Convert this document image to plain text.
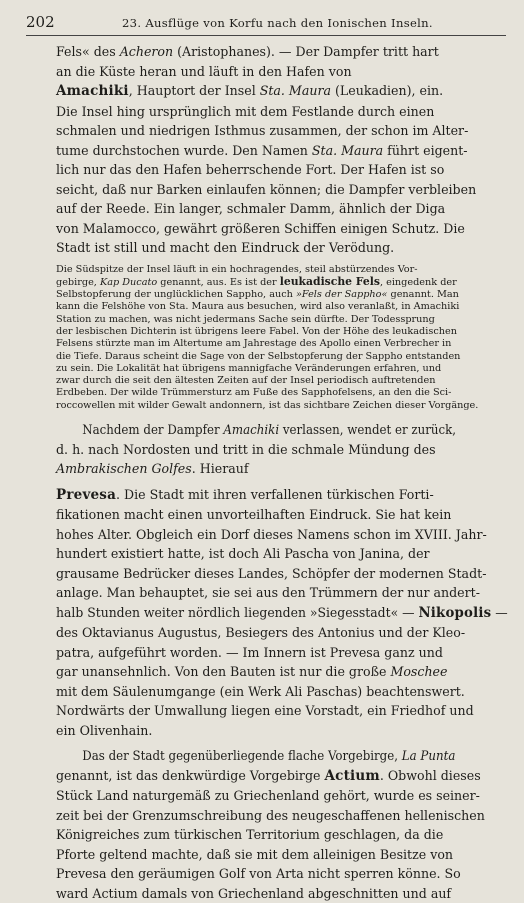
202	23. Ausflüge von Korfu nach den Ionischen Inseln.
Fels« des Acheron (Aristophanes). — Der Dampfer tritt hart
an die Küste heran und läuft in den Hafen von
Amachiki, Hauptort der Insel Sta. Maura (Leukadien), ein.
Die Insel hing ursprünglich mit dem Festlande durch einen
schmalen und niedrigen Isthmus zusammen, der schon im Alter-
tume durchstochen wurde. Den Namen Sta. Maura führt eigent-
lich nur das den Hafen beherrschende Fort. Der Hafen ist so
seicht, daß nur Barken einlaufen können; die Dampfer verbleiben
auf der Reede. Ein langer, schmaler Damm, ähnlich der Diga
von Malamocco, gewährt größeren Schiffen einigen Schutz. Die
Stadt ist still und macht den Eindruck der Verödung.
Die Südspitze der Insel läuft in ein hochragendes, steil abstürzendes Vor-
gebirge, Kap Ducato genannt, aus. Es ist der leukadische Fels, eingedenk der
Selbstopferung der unglücklichen Sappho, auch »Fels der Sappho« genannt. Man
kann die Felshöhe von Sta. Maura aus besuchen, wird also veranlaßt, in Amachiki
Station zu machen, was nicht jedermans Sache sein dürfte. Der Todessprung
der lesbischen Dichterin ist übrigens leere Fabel. Von der Höhe des leukadischen
Felsens stürzte man im Altertume am Jahrestage des Apollo einen Verbrecher in
die Tiefe. Daraus scheint die Sage von der Selbstopferung der Sappho entstanden
zu sein. Die Lokalität hat übrigens mannigfache Veränderungen erfahren, und
zwar durch die seit den ältesten Zeiten auf der Insel periodisch auftretenden
Erdbeben. Der wilde Trümmersturz am Fuße des Sapphofelsens, an den die Sci-
roccowellen mit wilder Gewalt andonnern, ist das sichtbare Zeichen dieser Vorgänge.
Nachdem der Dampfer Amachiki verlassen, wendet er zurück,
d. h. nach Nordosten und tritt in die schmale Mündung des
Ambrakischen Golfes. Hierauf
Prevesa. Die Stadt mit ihren verfallenen türkischen Forti-
fikationen macht einen unvorteilhaften Eindruck. Sie hat kein
hohes Alter. Obgleich ein Dorf dieses Namens schon im XVIII. Jahr-
hundert existiert hatte, ist doch Ali Pascha von Janina, der
grausame Bedrücker dieses Landes, Schöpfer der modernen Stadt-
anlage. Man behauptet, sie sei aus den Trümmern der nur andert-
halb Stunden weiter nördlich liegenden »Siegesstadt« — Nikopolis —
des Oktavianus Augustus, Besiegers des Antonius und der Kleo-
patra, aufgeführt worden. — Im Innern ist Prevesa ganz und
gar unansehnlich. Von den Bauten ist nur die große Moschee
mit dem Säulenumgange (ein Werk Ali Paschas) beachtenswert.
Nordwärts der Umwallung liegen eine Vorstadt, ein Friedhof und
ein Olivenhain.
Das der Stadt gegenüberliegende flache Vorgebirge, La Punta
genannt, ist das denkwürdige Vorgebirge Actium. Obwohl dieses
Stück Land naturgemäß zu Griechenland gehört, wurde es seiner-
zeit bei der Grenzumschreibung des neugeschaffenen hellenischen
Königreiches zum türkischen Territorium geschlagen, da die
Pforte geltend machte, daß sie mit dem alleinigen Besitze von
Prevesa den geräumigen Golf von Arta nicht sperren könne. So
ward Actium damals von Griechenland abgeschnitten und auf
